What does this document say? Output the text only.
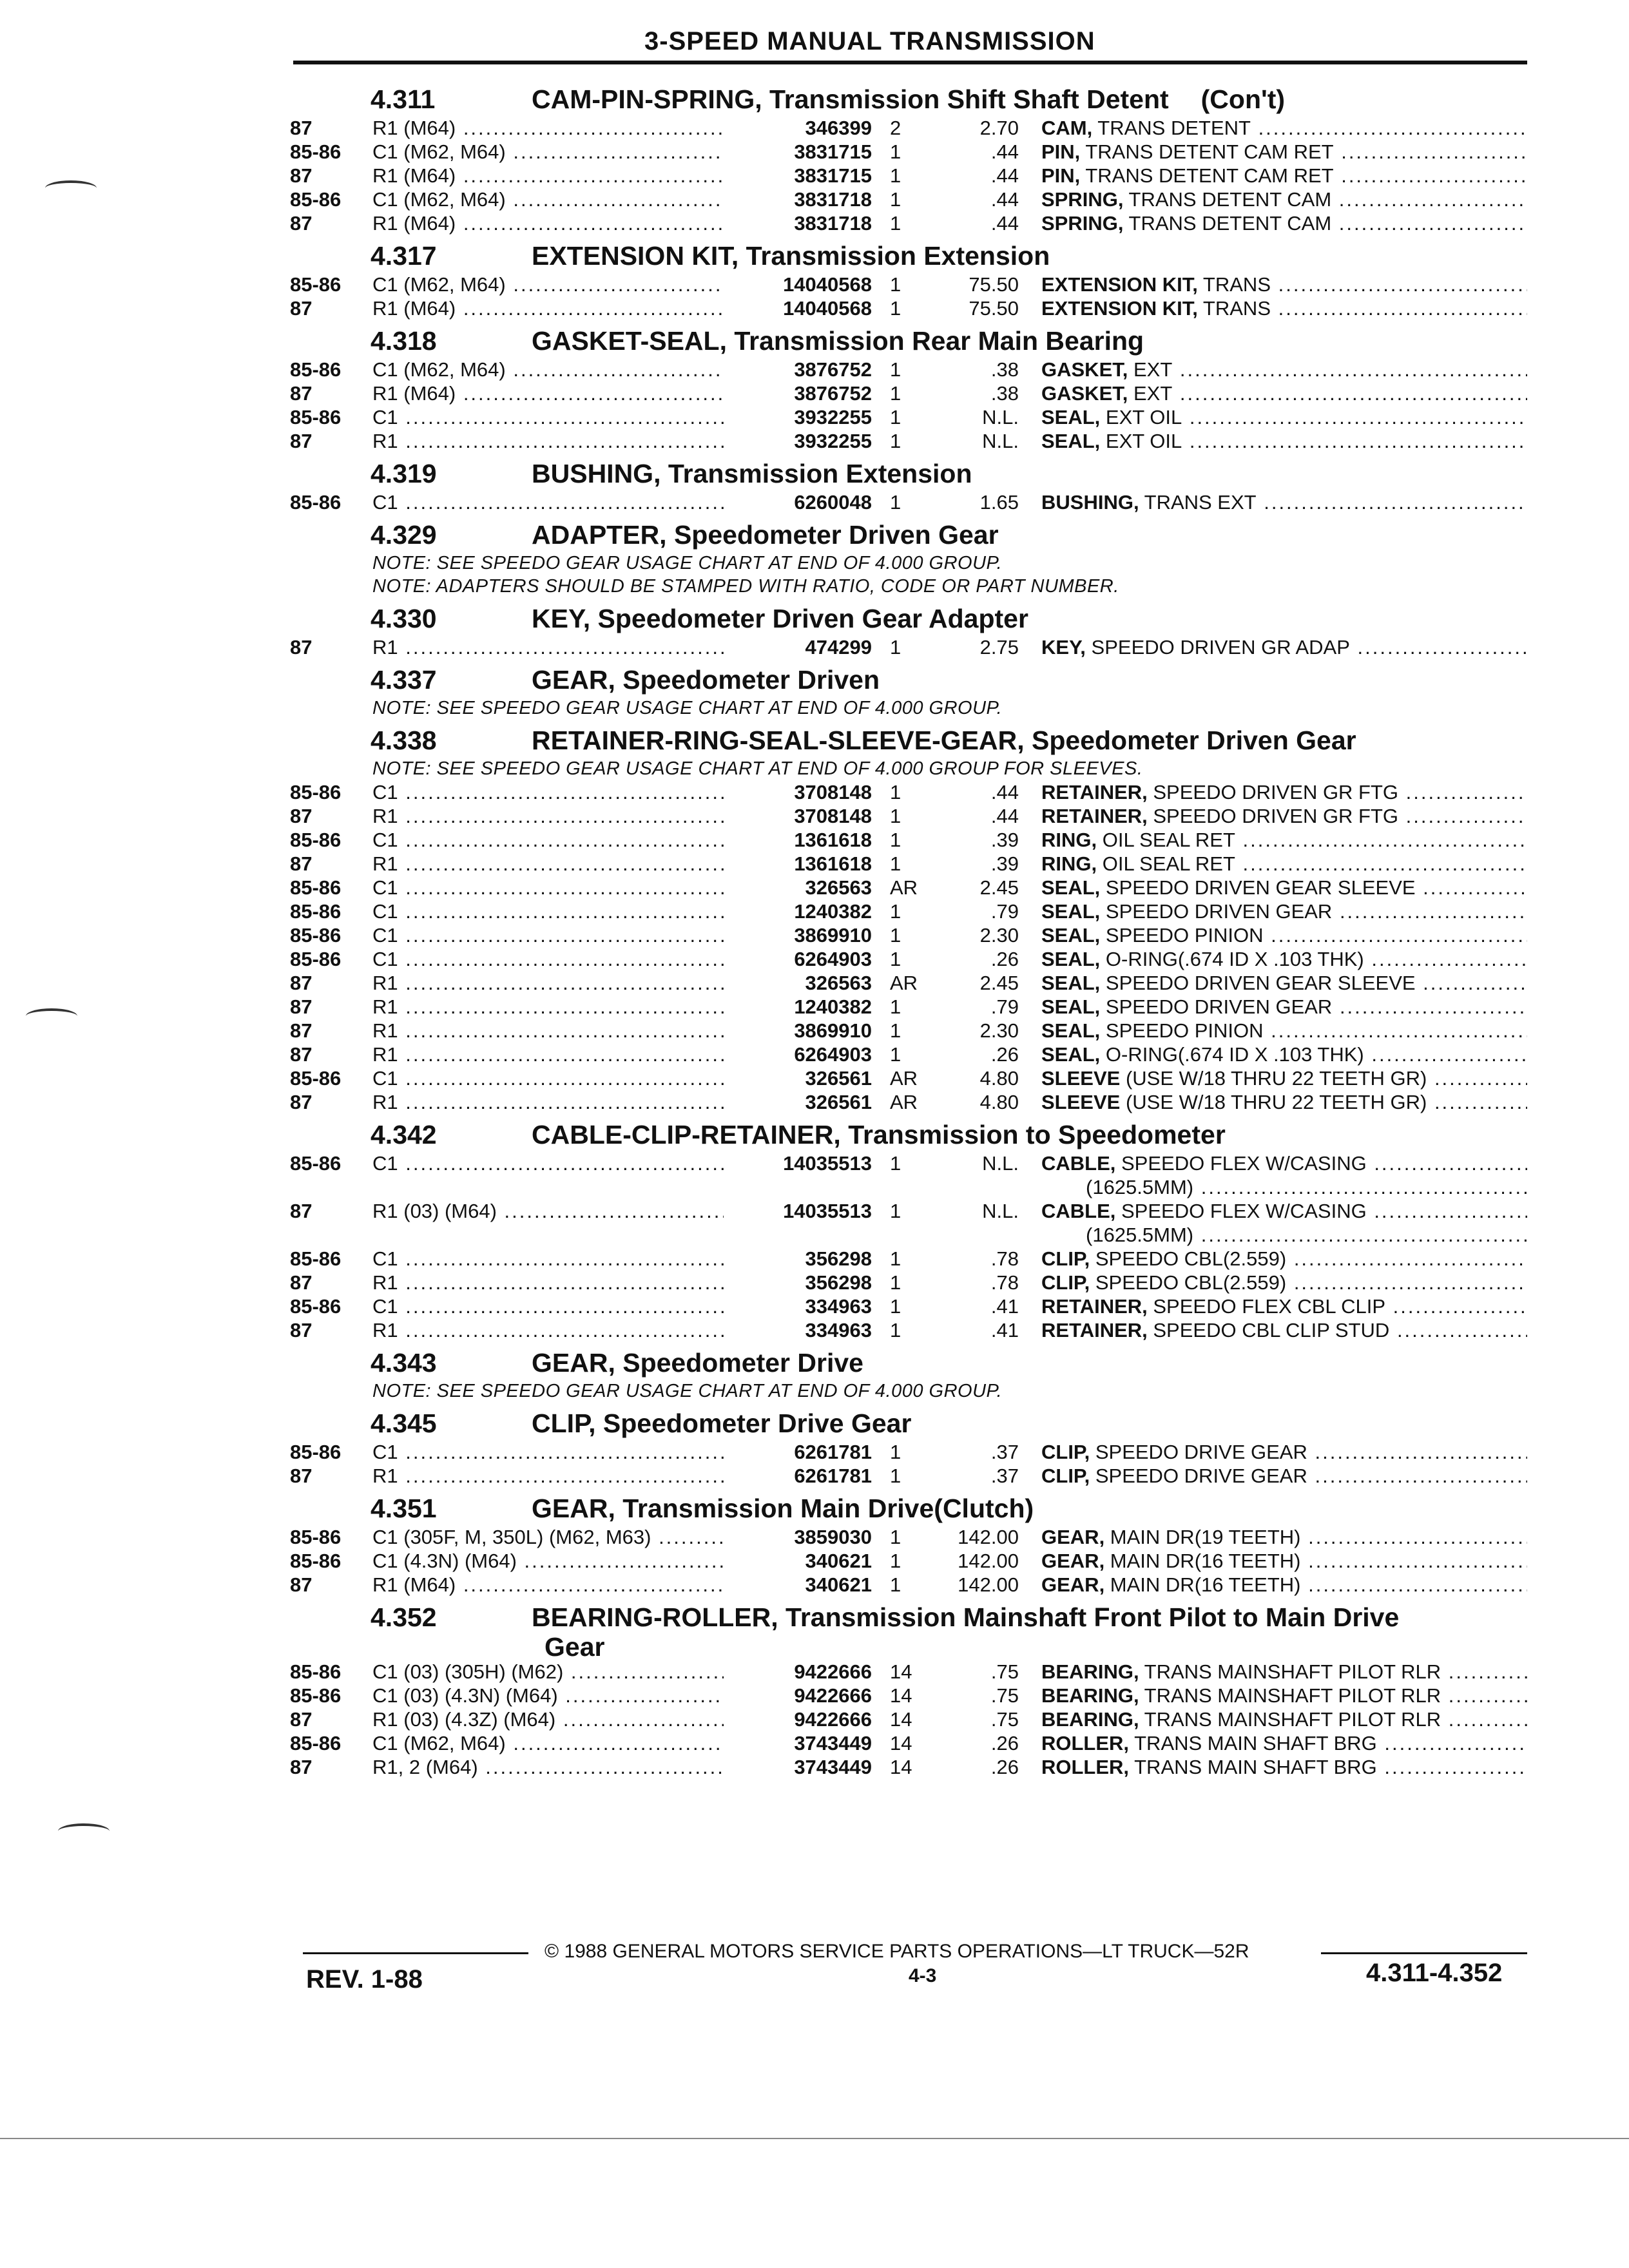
3-SPEED MANUAL TRANSMISSION
4.311	CAM-PIN-SPRING, Transmission Shift Shaft Detent (Con't)
87	R1 (M64) .....	346399 2	2.70	CAM, TRANS DETENT .....
85-86	C1 (M62, M64) .....	3831715 1	.44	PIN, TRANS DETENT CAM RET .....
87	R1 (M64) .....	3831715 1	.44	PIN, TRANS DETENT CAM RET .....
85-86	C1 (M62, M64) .....	3831718 1	.44	SPRING, TRANS DETENT CAM .....
87	R1 (M64) .....	3831718 1	.44	SPRING, TRANS DETENT CAM .....
4.317	EXTENSION KIT, Transmission Extension
85-86	C1 (M62, M64) .....	14040568 1	75.50	EXTENSION KIT, TRANS .....
87	R1 (M64) .....	14040568 1	75.50	EXTENSION KIT, TRANS .....
4.318	GASKET-SEAL, Transmission Rear Main Bearing
85-86	C1 (M62, M64) .....	3876752 1	.38	GASKET, EXT .....
87	R1 (M64) .....	3876752 1	.38	GASKET, EXT .....
85-86	C1 .....	3932255 1	N.L.	SEAL, EXT OIL .....
87	R1 .....	3932255 1	N.L.	SEAL, EXT OIL .....
4.319	BUSHING, Transmission Extension
85-86	C1 .....	6260048 1	1.65	BUSHING, TRANS EXT .....
4.329	ADAPTER, Speedometer Driven Gear
NOTE: SEE SPEEDO GEAR USAGE CHART AT END OF 4.000 GROUP.
NOTE: ADAPTERS SHOULD BE STAMPED WITH RATIO, CODE OR PART NUMBER.
4.330	KEY, Speedometer Driven Gear Adapter
87	R1 .....	474299 1	2.75	KEY, SPEEDO DRIVEN GR ADAP .....
4.337	GEAR, Speedometer Driven
NOTE: SEE SPEEDO GEAR USAGE CHART AT END OF 4.000 GROUP.
4.338	RETAINER-RING-SEAL-SLEEVE-GEAR, Speedometer Driven Gear
NOTE: SEE SPEEDO GEAR USAGE CHART AT END OF 4.000 GROUP FOR SLEEVES.
85-86	C1 .....	3708148 1	.44	RETAINER, SPEEDO DRIVEN GR FTG .....
87	R1 .....	3708148 1	.44	RETAINER, SPEEDO DRIVEN GR FTG .....
85-86	C1 .....	1361618 1	.39	RING, OIL SEAL RET .....
87	R1 .....	1361618 1	.39	RING, OIL SEAL RET .....
85-86	C1 .....	326563 AR	2.45	SEAL, SPEEDO DRIVEN GEAR SLEEVE .....
85-86	C1 .....	1240382 1	.79	SEAL, SPEEDO DRIVEN GEAR .....
85-86	C1 .....	3869910 1	2.30	SEAL, SPEEDO PINION .....
85-86	C1 .....	6264903 1	.26	SEAL, O-RING(.674 ID X .103 THK) .....
87	R1 .....	326563 AR	2.45	SEAL, SPEEDO DRIVEN GEAR SLEEVE .....
87	R1 .....	1240382 1	.79	SEAL, SPEEDO DRIVEN GEAR .....
87	R1 .....	3869910 1	2.30	SEAL, SPEEDO PINION .....
87	R1 .....	6264903 1	.26	SEAL, O-RING(.674 ID X .103 THK) .....
85-86	C1 .....	326561 AR	4.80	SLEEVE (USE W/18 THRU 22 TEETH GR) .....
87	R1 .....	326561 AR	4.80	SLEEVE (USE W/18 THRU 22 TEETH GR) .....
4.342	CABLE-CLIP-RETAINER, Transmission to Speedometer
85-86	C1 .....	14035513 1	N.L.	CABLE, SPEEDO FLEX W/CASING .....
(1625.5MM) .....
87	R1 (03) (M64) .....	14035513 1	N.L.	CABLE, SPEEDO FLEX W/CASING .....
(1625.5MM) .....
85-86	C1 .....	356298 1	.78	CLIP, SPEEDO CBL(2.559) .....
87	R1 .....	356298 1	.78	CLIP, SPEEDO CBL(2.559) .....
85-86	C1 .....	334963 1	.41	RETAINER, SPEEDO FLEX CBL CLIP .....
87	R1 .....	334963 1	.41	RETAINER, SPEEDO CBL CLIP STUD .....
4.343	GEAR, Speedometer Drive
NOTE: SEE SPEEDO GEAR USAGE CHART AT END OF 4.000 GROUP.
4.345	CLIP, Speedometer Drive Gear
85-86	C1 .....	6261781 1	.37	CLIP, SPEEDO DRIVE GEAR .....
87	R1 .....	6261781 1	.37	CLIP, SPEEDO DRIVE GEAR .....
4.351	GEAR, Transmission Main Drive(Clutch)
85-86	C1 (305F, M, 350L) (M62, M63) .....	3859030 1	142.00	GEAR, MAIN DR(19 TEETH) .....
85-86	C1 (4.3N) (M64) .....	340621 1	142.00	GEAR, MAIN DR(16 TEETH) .....
87	R1 (M64) .....	340621 1	142.00	GEAR, MAIN DR(16 TEETH) .....
4.352	BEARING-ROLLER, Transmission Mainshaft Front Pilot to Main Drive
Gear
85-86	C1 (03) (305H) (M62) .....	9422666 14	.75	BEARING, TRANS MAINSHAFT PILOT RLR .....
85-86	C1 (03) (4.3N) (M64) .....	9422666 14	.75	BEARING, TRANS MAINSHAFT PILOT RLR .....
87	R1 (03) (4.3Z) (M64) .....	9422666 14	.75	BEARING, TRANS MAINSHAFT PILOT RLR .....
85-86	C1 (M62, M64) .....	3743449 14	.26	ROLLER, TRANS MAIN SHAFT BRG .....
87	R1, 2 (M64) .....	3743449 14	.26	ROLLER, TRANS MAIN SHAFT BRG .....
© 1988 GENERAL MOTORS SERVICE PARTS OPERATIONS—LT TRUCK—52R
REV. 1-88	4-3	4.311-4.352
